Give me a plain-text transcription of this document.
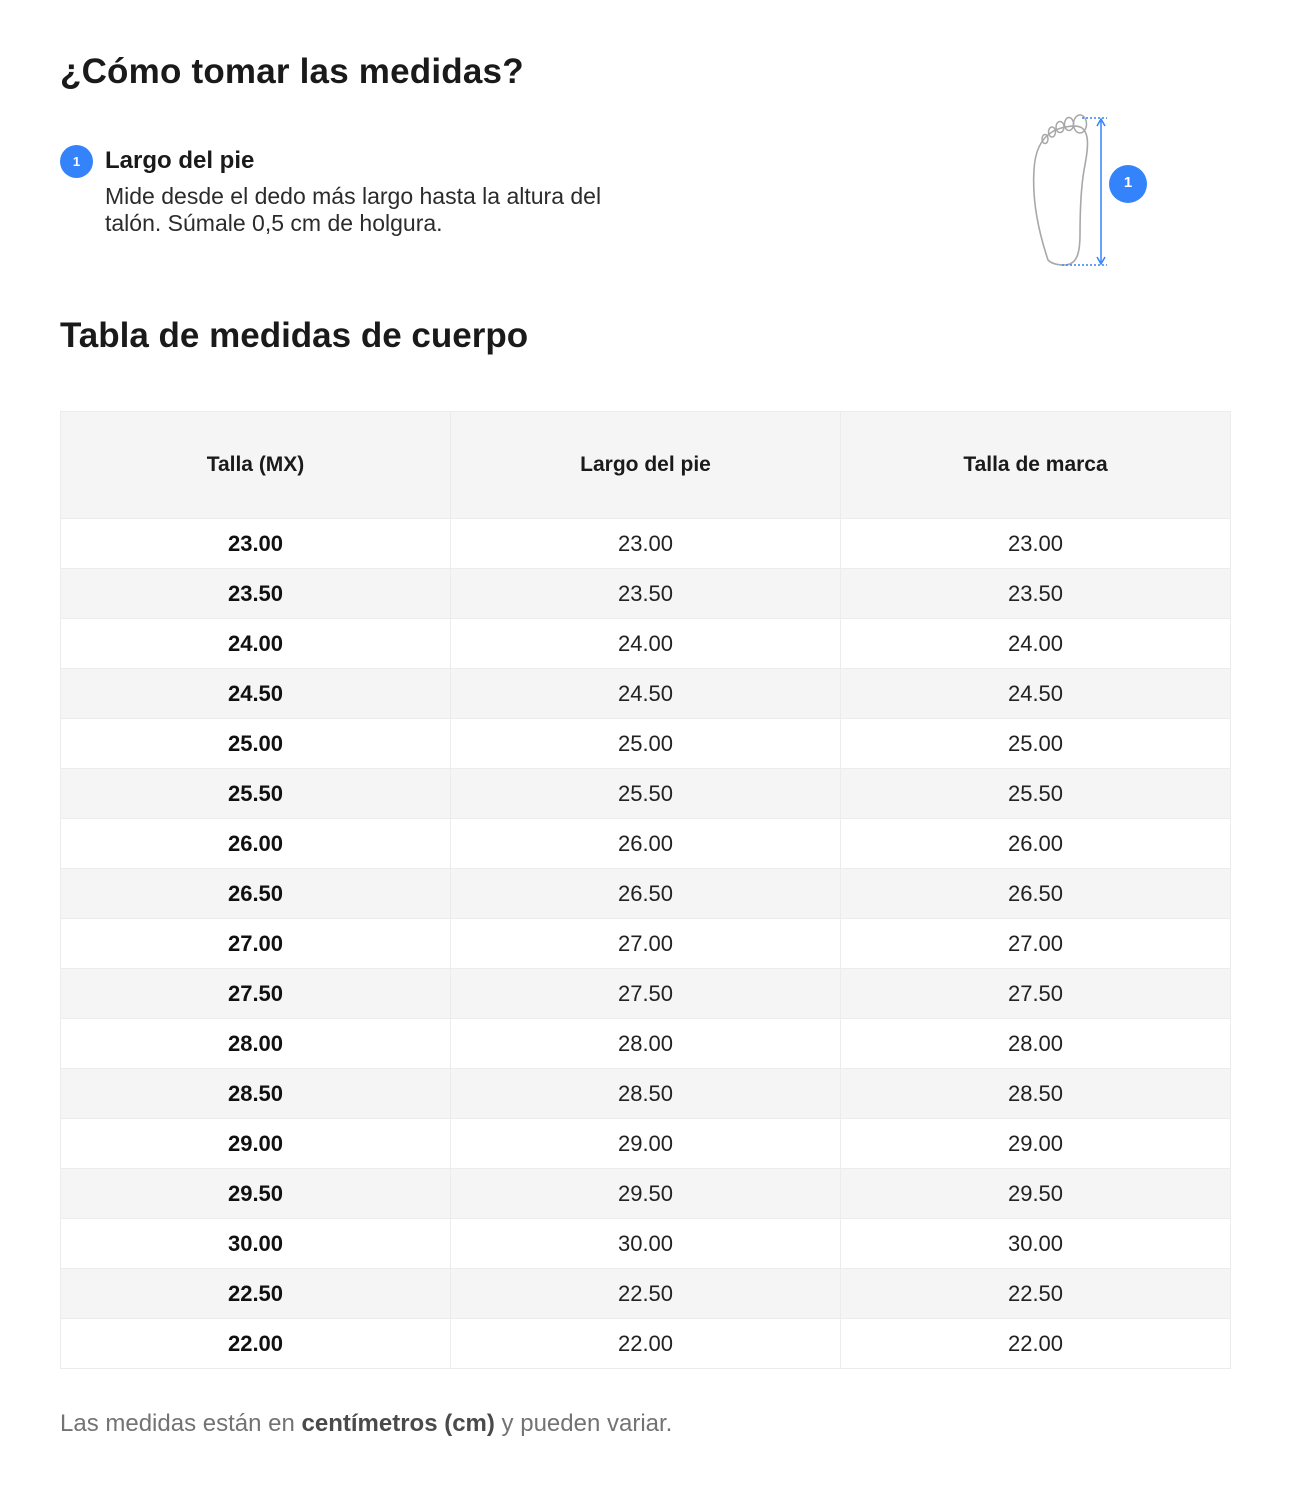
¿Cómo tomar las medidas?
1	Largo del pie

Mide desde el dedo más largo hasta la altura del talón. Súmale 0,5 cm de holgura.

1
Tabla de medidas de cuerpo
Talla (MX)	Largo del pie	Talla de marca
23.00	23.00	23.00
23.50	23.50	23.50
24.00	24.00	24.00
24.50	24.50	24.50
25.00	25.00	25.00
25.50	25.50	25.50
26.00	26.00	26.00
26.50	26.50	26.50
27.00	27.00	27.00
27.50	27.50	27.50
28.00	28.00	28.00
28.50	28.50	28.50
29.00	29.00	29.00
29.50	29.50	29.50
30.00	30.00	30.00
22.50	22.50	22.50
22.00	22.00	22.00

Las medidas están en centímetros (cm) y pueden variar.
